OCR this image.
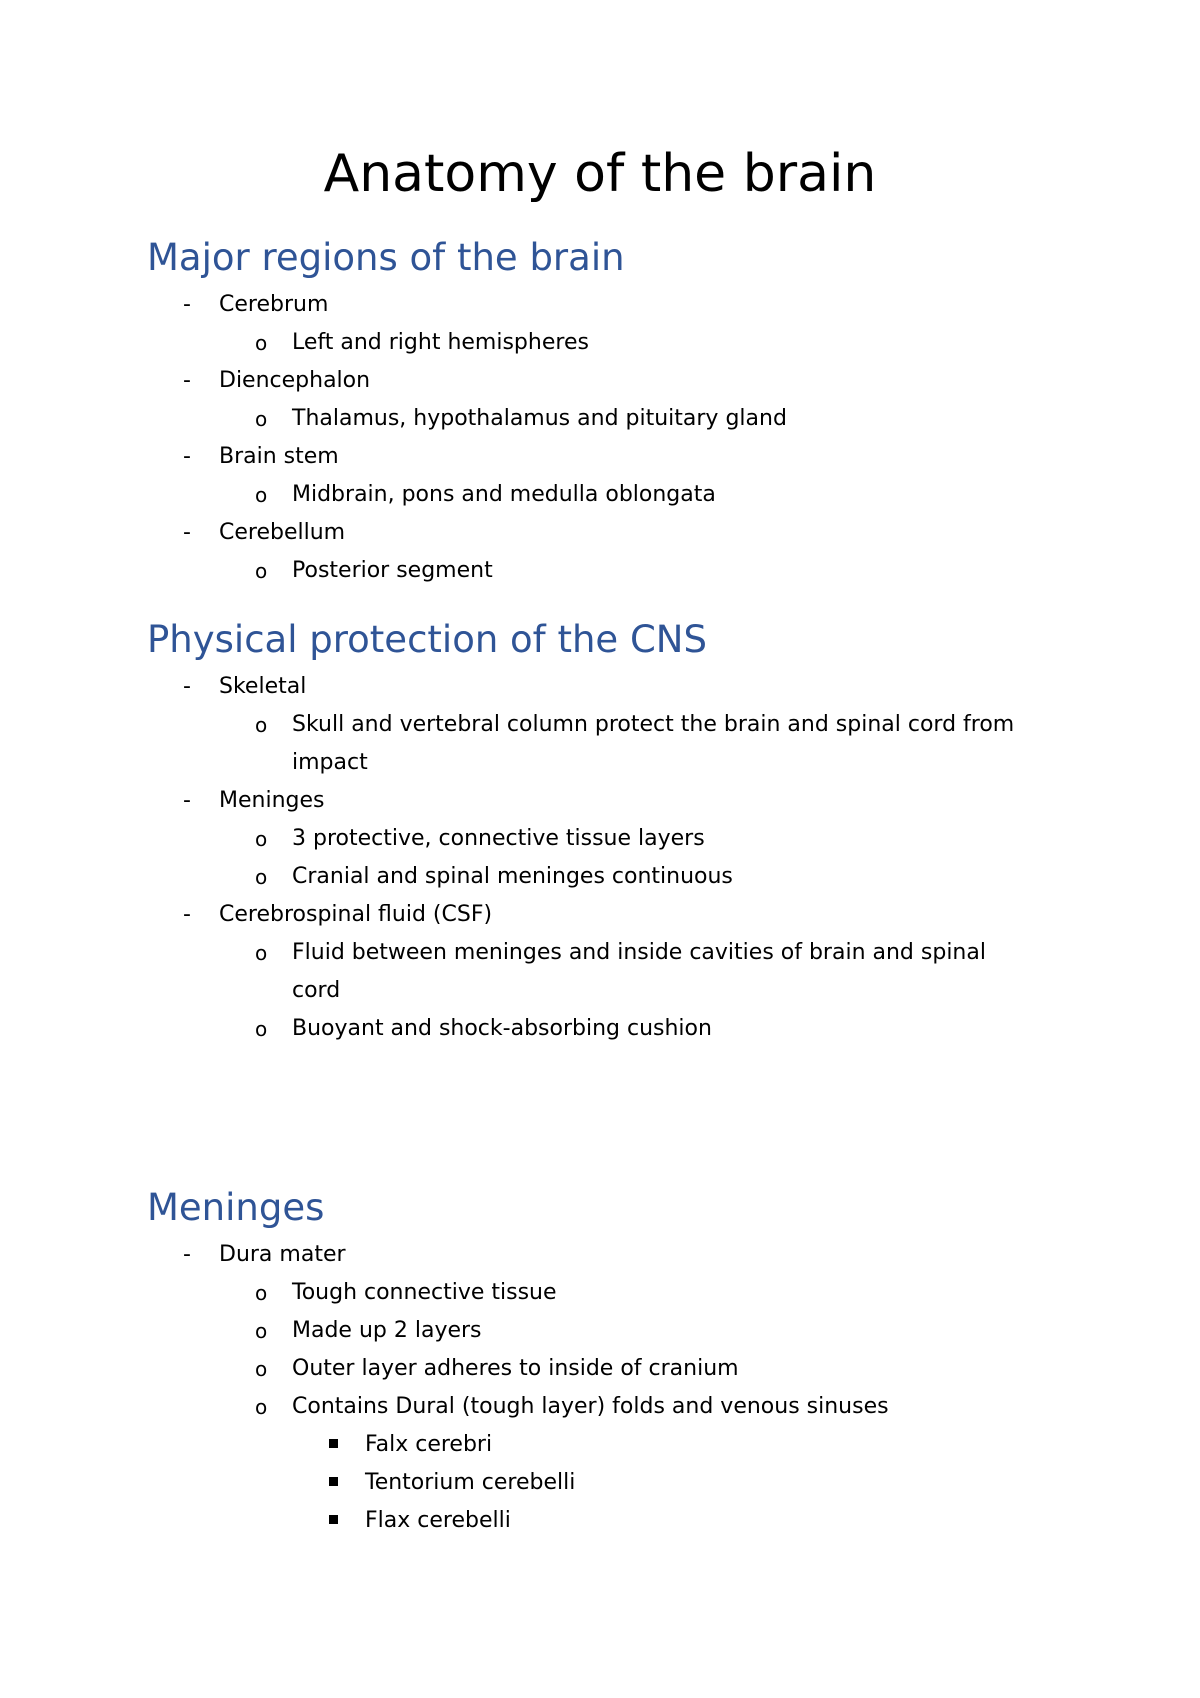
Anatomy of the brain
Major regions of the brain
-	Cerebrum
o	Left and right hemispheres
-	Diencephalon
o	Thalamus, hypothalamus and pituitary gland
-	Brain stem
o	Midbrain, pons and medulla oblongata
-	Cerebellum
o	Posterior segment
Physical protection of the CNS
-	Skeletal
o	Skull and vertebral column protect the brain and spinal cord from
impact
-	Meninges
o	3 protective, connective tissue layers
o	Cranial and spinal meninges continuous
-	Cerebrospinal fluid (CSF)
o	Fluid between meninges and inside cavities of brain and spinal
cord
o	Buoyant and shock-absorbing cushion
Meninges
-	Dura mater
o	Tough connective tissue
o	Made up 2 layers
o	Outer layer adheres to inside of cranium
o	Contains Dural (tough layer) folds and venous sinuses
Falx cerebri
Tentorium cerebelli
Flax cerebelli
